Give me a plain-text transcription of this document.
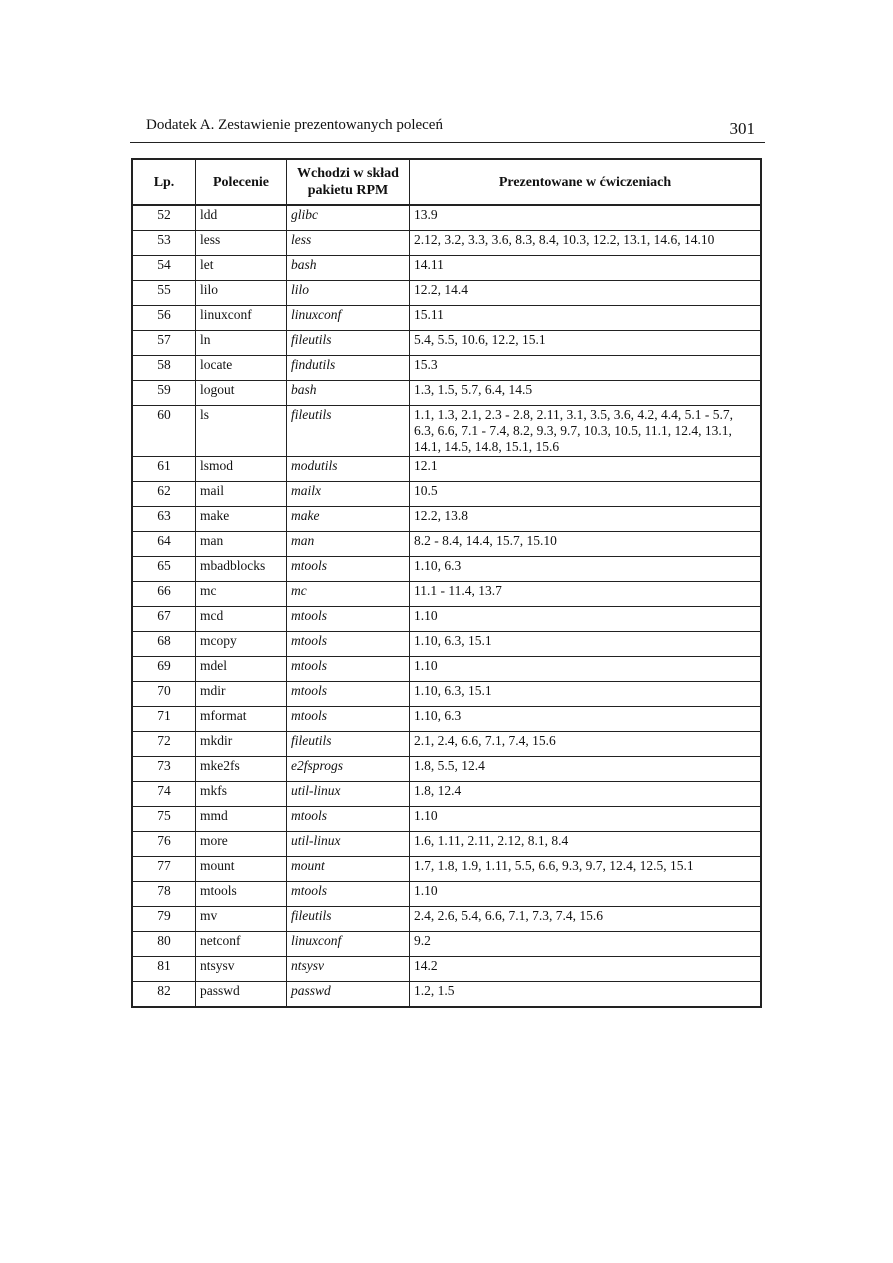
Dodatek A. Zestawienie prezentowanych poleceń	301
Lp.	Polecenie	Wchodzi w skład pakietu RPM	Prezentowane w ćwiczeniach
52	ldd	glibc	13.9
53	less	less	2.12, 3.2, 3.3, 3.6, 8.3, 8.4, 10.3, 12.2, 13.1, 14.6, 14.10
54	let	bash	14.11
55	lilo	lilo	12.2, 14.4
56	linuxconf	linuxconf	15.11
57	ln	fileutils	5.4, 5.5, 10.6, 12.2, 15.1
58	locate	findutils	15.3
59	logout	bash	1.3, 1.5, 5.7, 6.4, 14.5
60	ls	fileutils	1.1, 1.3, 2.1, 2.3 - 2.8, 2.11, 3.1, 3.5, 3.6, 4.2, 4.4, 5.1 - 5.7, 6.3, 6.6, 7.1 - 7.4, 8.2, 9.3, 9.7, 10.3, 10.5, 11.1, 12.4, 13.1, 14.1, 14.5, 14.8, 15.1, 15.6
61	lsmod	modutils	12.1
62	mail	mailx	10.5
63	make	make	12.2, 13.8
64	man	man	8.2 - 8.4, 14.4, 15.7, 15.10
65	mbadblocks	mtools	1.10, 6.3
66	mc	mc	11.1 - 11.4, 13.7
67	mcd	mtools	1.10
68	mcopy	mtools	1.10, 6.3, 15.1
69	mdel	mtools	1.10
70	mdir	mtools	1.10, 6.3, 15.1
71	mformat	mtools	1.10, 6.3
72	mkdir	fileutils	2.1, 2.4, 6.6, 7.1, 7.4, 15.6
73	mke2fs	e2fsprogs	1.8, 5.5, 12.4
74	mkfs	util-linux	1.8, 12.4
75	mmd	mtools	1.10
76	more	util-linux	1.6, 1.11, 2.11, 2.12, 8.1, 8.4
77	mount	mount	1.7, 1.8, 1.9, 1.11, 5.5, 6.6, 9.3, 9.7, 12.4, 12.5, 15.1
78	mtools	mtools	1.10
79	mv	fileutils	2.4, 2.6, 5.4, 6.6, 7.1, 7.3, 7.4, 15.6
80	netconf	linuxconf	9.2
81	ntsysv	ntsysv	14.2
82	passwd	passwd	1.2, 1.5
